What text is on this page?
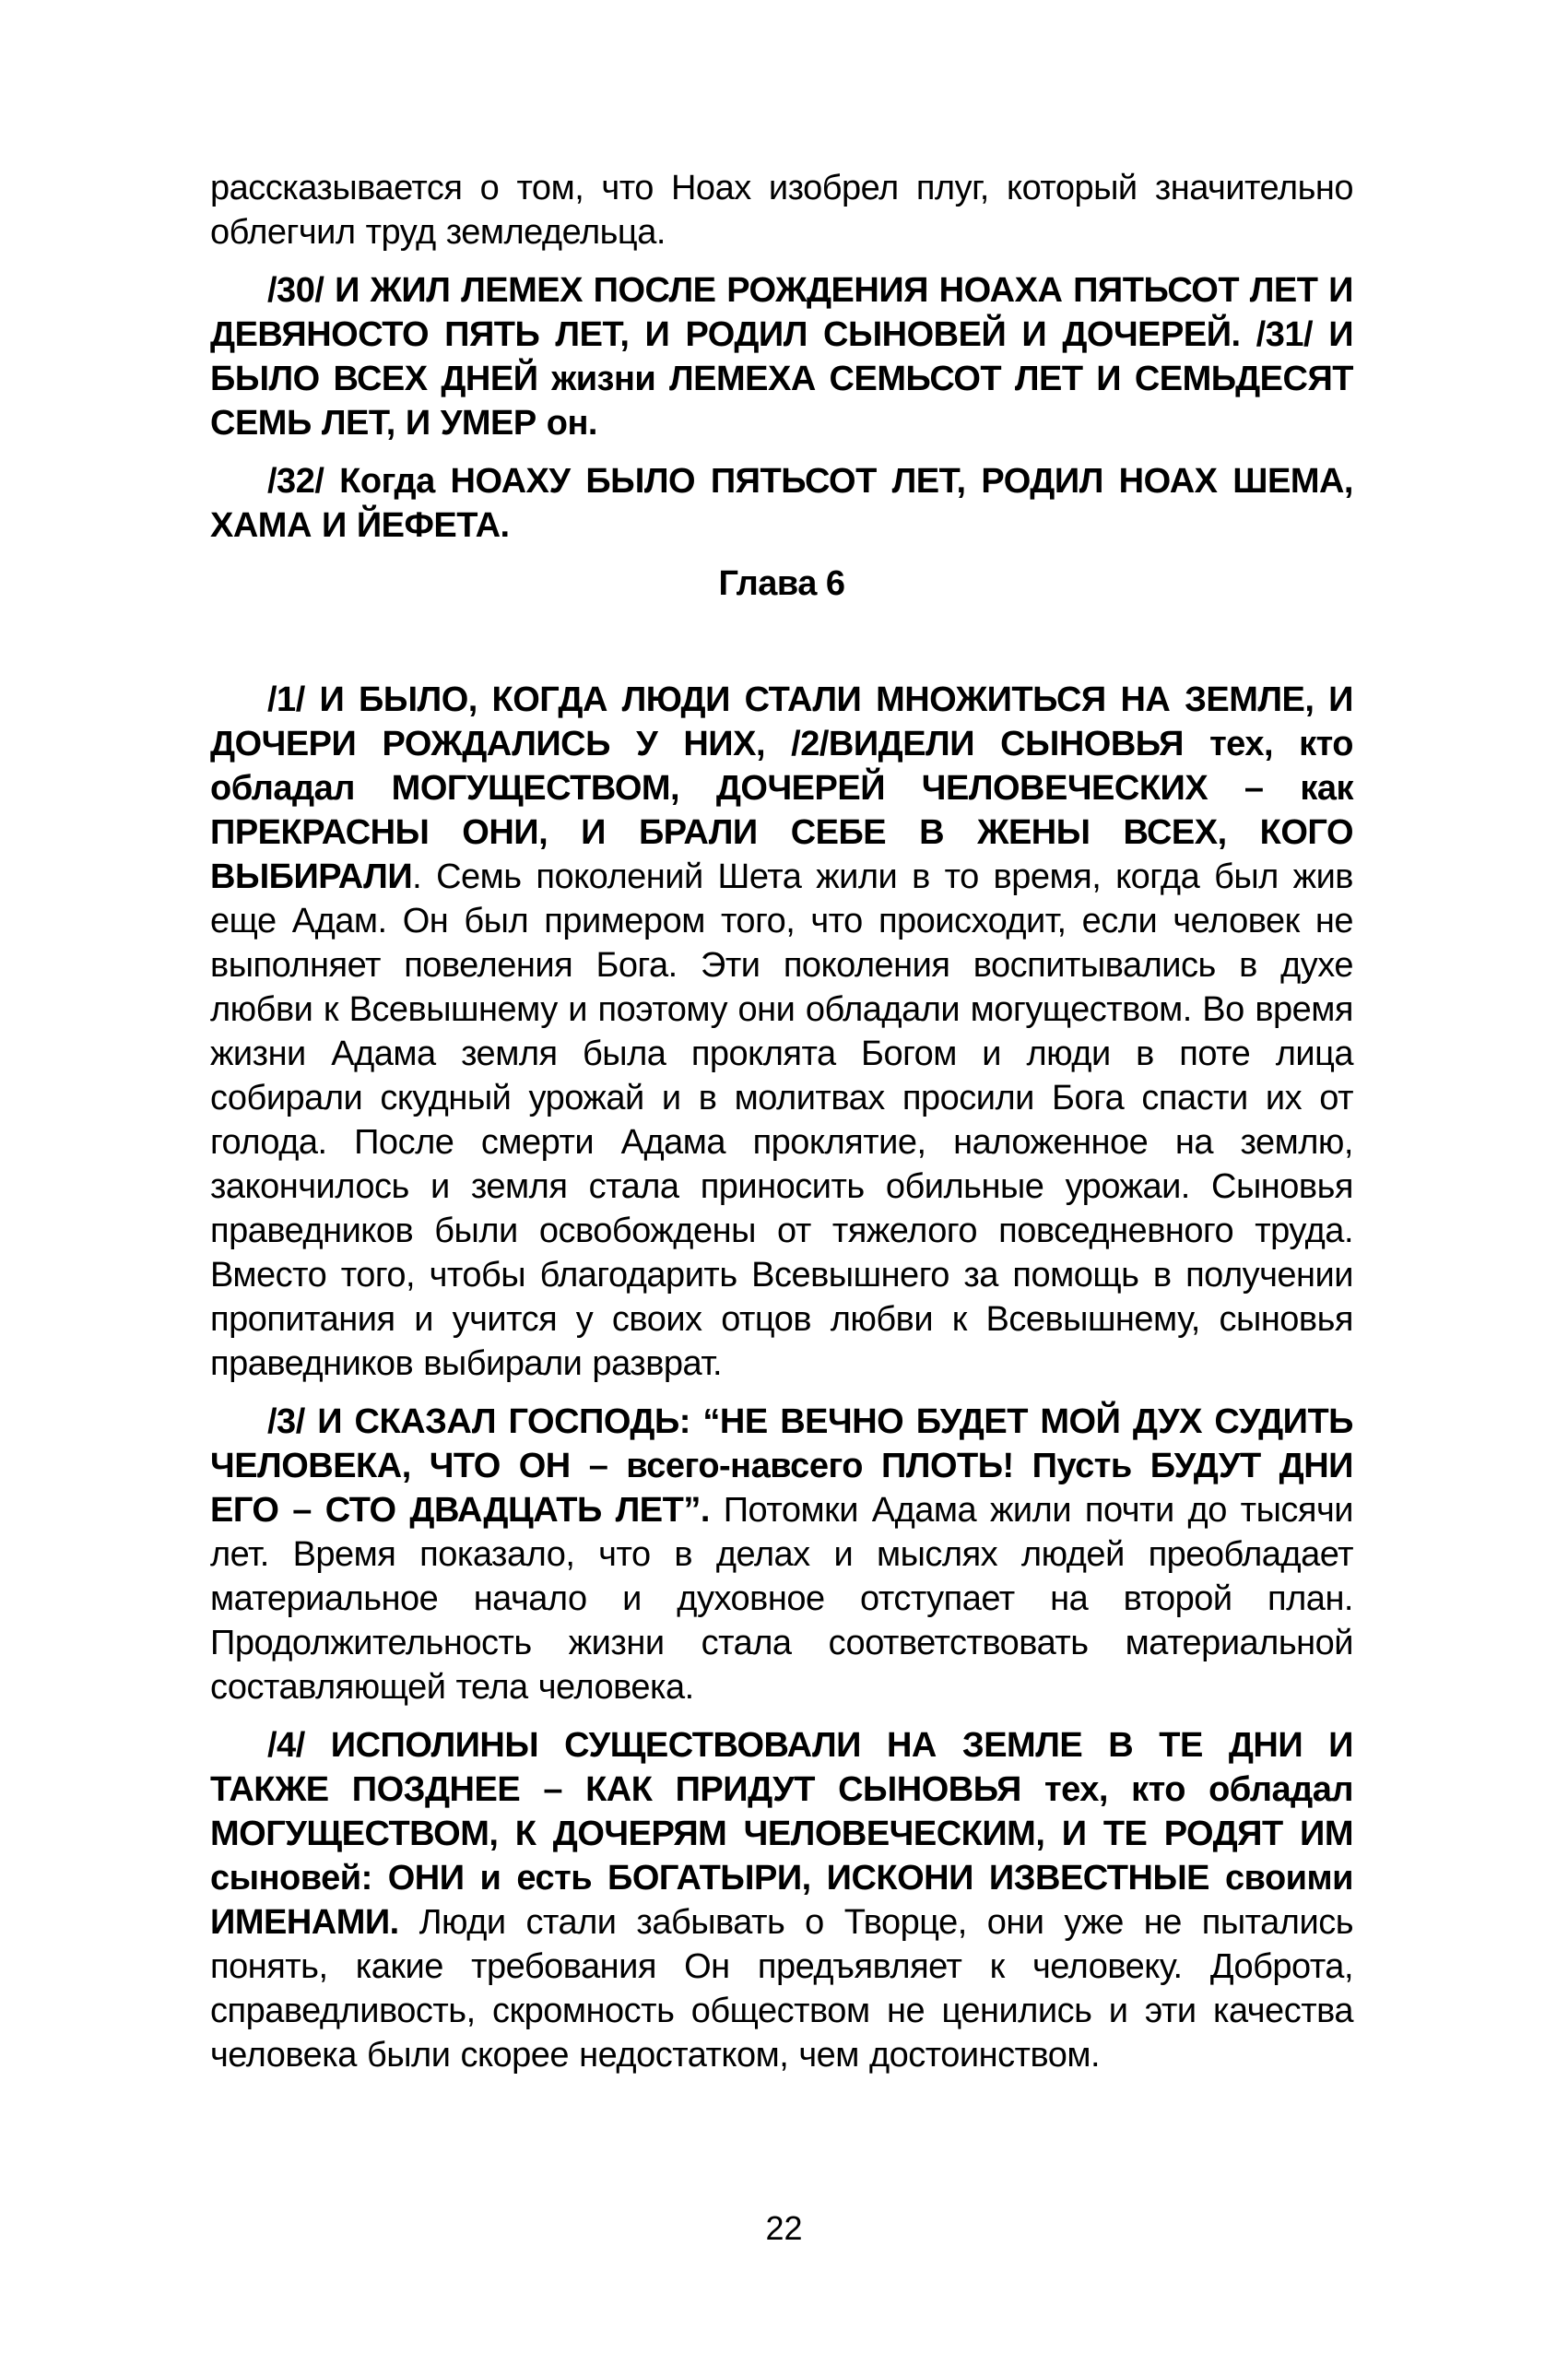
рассказывается о том, что Ноах изобрел плуг, который значительно облегчил труд земледельца.

/30/ И ЖИЛ ЛЕМЕХ ПОСЛЕ РОЖДЕНИЯ НОАХА ПЯТЬСОТ ЛЕТ И ДЕВЯНОСТО ПЯТЬ ЛЕТ, И РОДИЛ СЫНОВЕЙ И ДОЧЕРЕЙ. /31/ И БЫЛО ВСЕХ ДНЕЙ жизни ЛЕМЕХА СЕМЬСОТ ЛЕТ И СЕМЬДЕСЯТ СЕМЬ ЛЕТ, И УМЕР он.

/32/ Когда НОАХУ БЫЛО ПЯТЬСОТ ЛЕТ, РОДИЛ НОАХ ШЕМА, ХАМА И ЙЕФЕТА.

Глава 6

/1/ И БЫЛО, КОГДА ЛЮДИ СТАЛИ МНОЖИТЬСЯ НА ЗЕМЛЕ, И ДОЧЕРИ РОЖДАЛИСЬ У НИХ, /2/ВИДЕЛИ СЫНОВЬЯ тех, кто обладал МОГУЩЕСТВОМ, ДОЧЕРЕЙ ЧЕЛОВЕЧЕСКИХ – как ПРЕКРАСНЫ ОНИ, И БРАЛИ СЕБЕ В ЖЕНЫ ВСЕХ, КОГО ВЫБИРАЛИ. Семь поколений Шета жили в то время, когда был жив еще Адам. Он был примером того, что происходит, если человек не выполняет повеления Бога. Эти поколения воспитывались в духе любви к Всевышнему и поэтому они обладали могуществом. Во время жизни Адама земля была проклята Богом и люди в поте лица собирали скудный урожай и в молитвах просили Бога спасти их от голода. После смерти Адама проклятие, наложенное на землю, закончилось и земля стала приносить обильные урожаи. Сыновья праведников были освобождены от тяжелого повседневного труда. Вместо того, чтобы благодарить Всевышнего за помощь в получении пропитания и учится у своих отцов любви к Всевышнему, сыновья праведников выбирали разврат.

/3/ И СКАЗАЛ ГОСПОДЬ: “НЕ ВЕЧНО БУДЕТ МОЙ ДУХ СУДИТЬ ЧЕЛОВЕКА, ЧТО ОН – всего-навсего ПЛОТЬ! Пусть БУДУТ ДНИ ЕГО – СТО ДВАДЦАТЬ ЛЕТ”. Потомки Адама жили почти до тысячи лет. Время показало, что в делах и мыслях людей преобладает материальное начало и духовное отступает на второй план. Продолжительность жизни стала соответствовать материальной составляющей тела человека.

/4/ ИСПОЛИНЫ СУЩЕСТВОВАЛИ НА ЗЕМЛЕ В ТЕ ДНИ И ТАКЖЕ ПОЗДНЕЕ – КАК ПРИДУТ СЫНОВЬЯ тех, кто обладал МОГУЩЕСТВОМ, К ДОЧЕРЯМ ЧЕЛОВЕЧЕСКИМ, И ТЕ РОДЯТ ИМ сыновей: ОНИ и есть БОГАТЫРИ, ИСКОНИ ИЗВЕСТНЫЕ своими ИМЕНАМИ. Люди стали забывать о Творце, они уже не пытались понять, какие требования Он предъявляет к человеку. Доброта, справедливость, скромность обществом не ценились и эти качества человека были скорее недостатком, чем достоинством.

22
